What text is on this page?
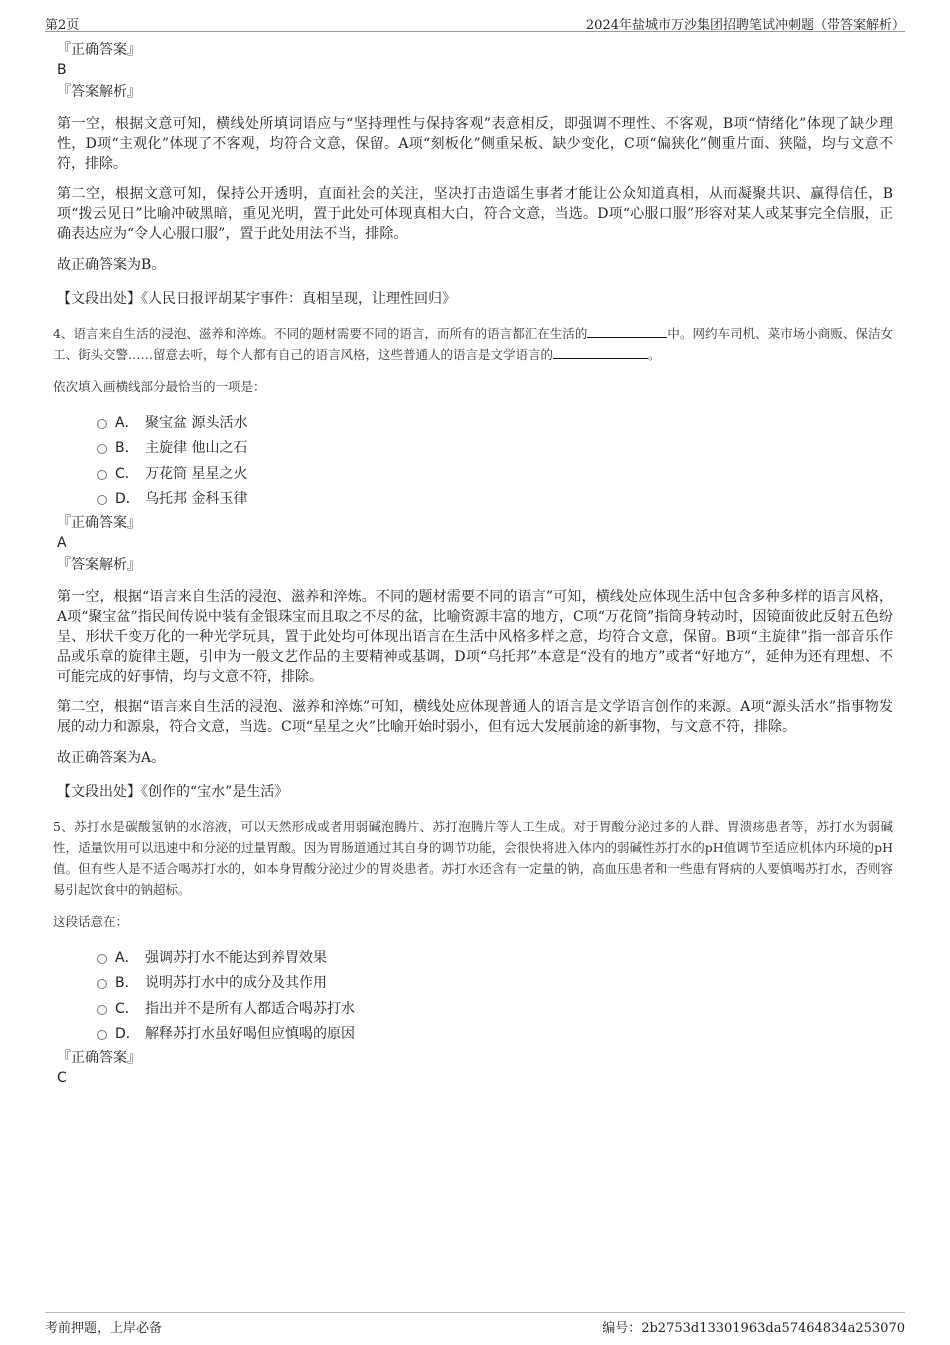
第2页	2024年盐城市万沙集团招聘笔试冲刺题（带答案解析）
『正确答案』
B
『答案解析』
第一空，根据文意可知，横线处所填词语应与“坚持理性与保持客观”表意相反，即强调不理性、不客观，B项“情绪化”体现了缺少理性，D项“主观化”体现了不客观，均符合文意，保留。A项“刻板化”侧重呆板、缺少变化，C项“偏狭化”侧重片面、狭隘，均与文意不符，排除。
第二空，根据文意可知，保持公开透明，直面社会的关注，坚决打击造谣生事者才能让公众知道真相，从而凝聚共识、赢得信任，B项“拨云见日”比喻冲破黑暗，重见光明，置于此处可体现真相大白，符合文意，当选。D项“心服口服”形容对某人或某事完全信服，正确表达应为“令人心服口服”，置于此处用法不当，排除。
故正确答案为B。
【文段出处】《人民日报评胡某宇事件：真相呈现，让理性回归》
4、语言来自生活的浸泡、滋养和淬炼。不同的题材需要不同的语言，而所有的语言都汇在生活的	中。网约车司机、菜市场小商贩、保洁女工、街头交警……留意去听，每个人都有自己的语言风格，这些普通人的语言是文学语言的	。
依次填入画横线部分最恰当的一项是：
A． 聚宝盆 源头活水
B． 主旋律 他山之石
C． 万花筒 星星之火
D． 乌托邦 金科玉律
『正确答案』
A
『答案解析』
第一空，根据“语言来自生活的浸泡、滋养和淬炼。不同的题材需要不同的语言”可知，横线处应体现生活中包含多种多样的语言风格，A项“聚宝盆”指民间传说中装有金银珠宝而且取之不尽的盆，比喻资源丰富的地方，C项“万花筒”指筒身转动时，因镜面彼此反射五色纷呈、形状千变万化的一种光学玩具，置于此处均可体现出语言在生活中风格多样之意，均符合文意，保留。B项“主旋律”指一部音乐作品或乐章的旋律主题，引申为一般文艺作品的主要精神或基调，D项“乌托邦”本意是“没有的地方”或者“好地方”，延伸为还有理想、不可能完成的好事情，均与文意不符，排除。
第二空，根据“语言来自生活的浸泡、滋养和淬炼”可知，横线处应体现普通人的语言是文学语言创作的来源。A项“源头活水”指事物发展的动力和源泉，符合文意，当选。C项“星星之火”比喻开始时弱小，但有远大发展前途的新事物，与文意不符，排除。
故正确答案为A。
【文段出处】《创作的“宝水”是生活》
5、苏打水是碳酸氢钠的水溶液，可以天然形成或者用弱碱泡腾片、苏打泡腾片等人工生成。对于胃酸分泌过多的人群、胃溃疡患者等，苏打水为弱碱性，适量饮用可以迅速中和分泌的过量胃酸。因为胃肠道通过其自身的调节功能，会很快将进入体内的弱碱性苏打水的pH值调节至适应机体内环境的pH值。但有些人是不适合喝苏打水的，如本身胃酸分泌过少的胃炎患者。苏打水还含有一定量的钠，高血压患者和一些患有肾病的人要慎喝苏打水，否则容易引起饮食中的钠超标。
这段话意在：
A． 强调苏打水不能达到养胃效果
B． 说明苏打水中的成分及其作用
C． 指出并不是所有人都适合喝苏打水
D． 解释苏打水虽好喝但应慎喝的原因
『正确答案』
C
考前押题，上岸必备	编号：2b2753d13301963da57464834a253070
